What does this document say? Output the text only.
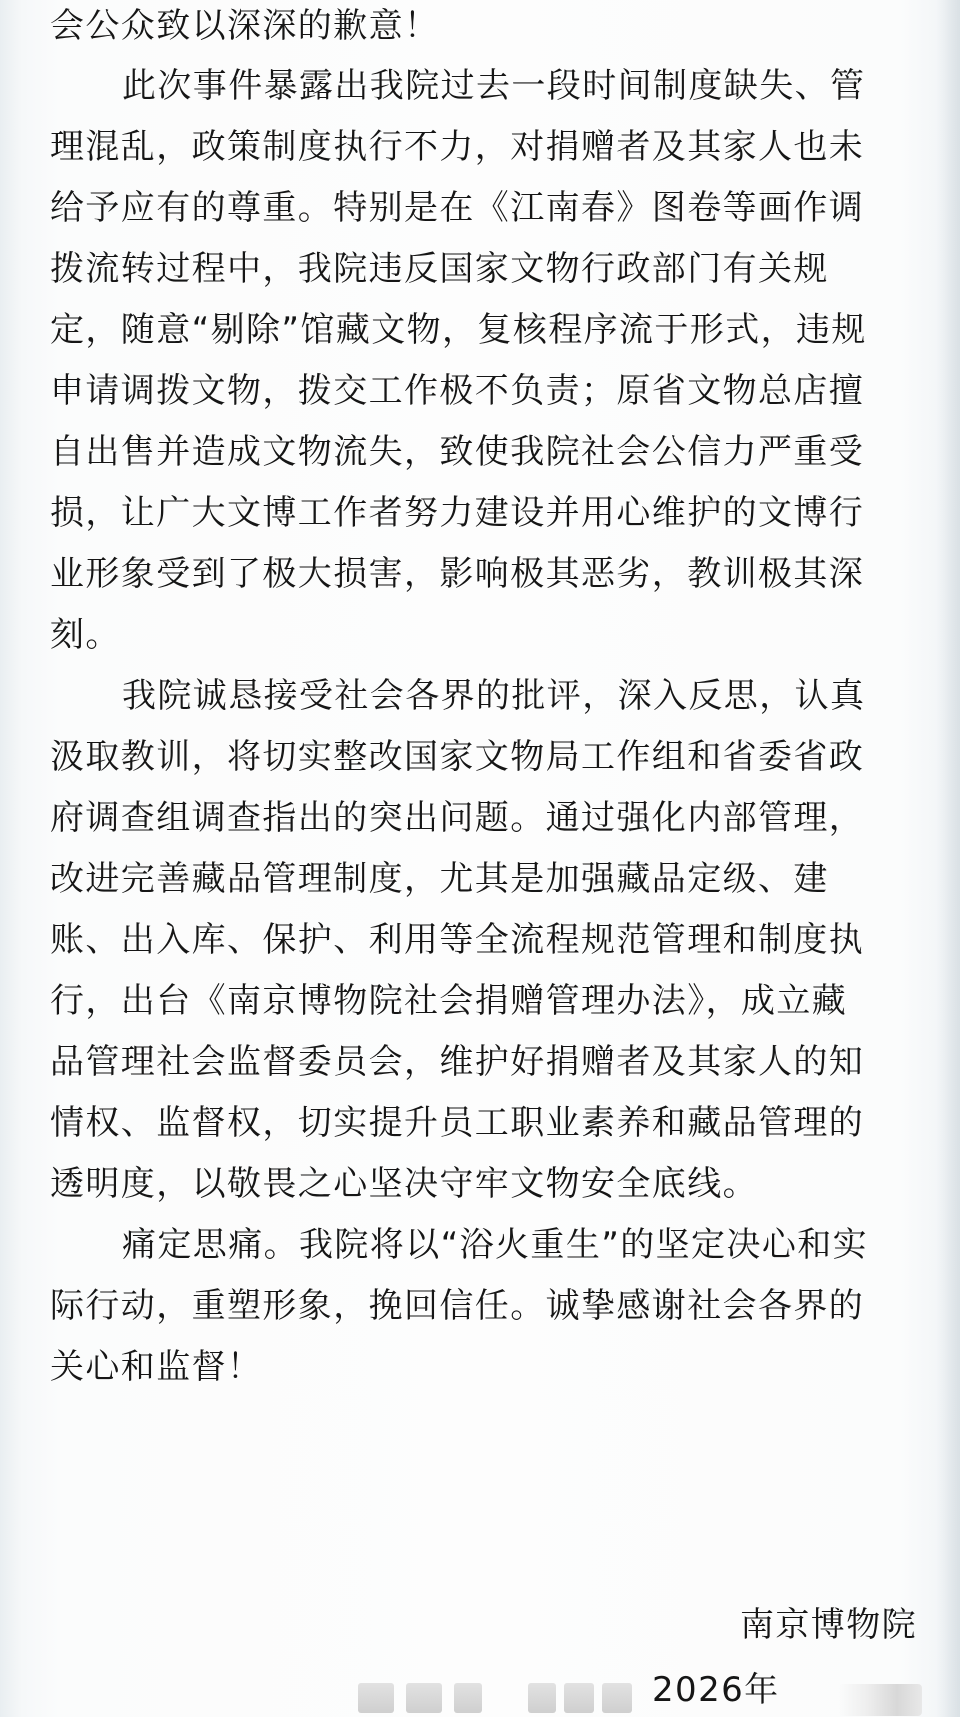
会公众致以深深的歉意！

此次事件暴露出我院过去一段时间制度缺失、管

理混乱，政策制度执行不力，对捐赠者及其家人也未

给予应有的尊重。特别是在《江南春》图卷等画作调

拨流转过程中，我院违反国家文物行政部门有关规

定，随意“剔除”馆藏文物，复核程序流于形式，违规

申请调拨文物，拨交工作极不负责；原省文物总店擅

自出售并造成文物流失，致使我院社会公信力严重受

损，让广大文博工作者努力建设并用心维护的文博行

业形象受到了极大损害，影响极其恶劣，教训极其深

刻。

我院诚恳接受社会各界的批评，深入反思，认真

汲取教训，将切实整改国家文物局工作组和省委省政

府调查组调查指出的突出问题。通过强化内部管理，

改进完善藏品管理制度，尤其是加强藏品定级、建

账、出入库、保护、利用等全流程规范管理和制度执

行，出台《南京博物院社会捐赠管理办法》，成立藏

品管理社会监督委员会，维护好捐赠者及其家人的知

情权、监督权，切实提升员工职业素养和藏品管理的

透明度，以敬畏之心坚决守牢文物安全底线。

痛定思痛。我院将以“浴火重生”的坚定决心和实

际行动，重塑形象，挽回信任。诚挚感谢社会各界的

关心和监督！

南京博物院
2026年
